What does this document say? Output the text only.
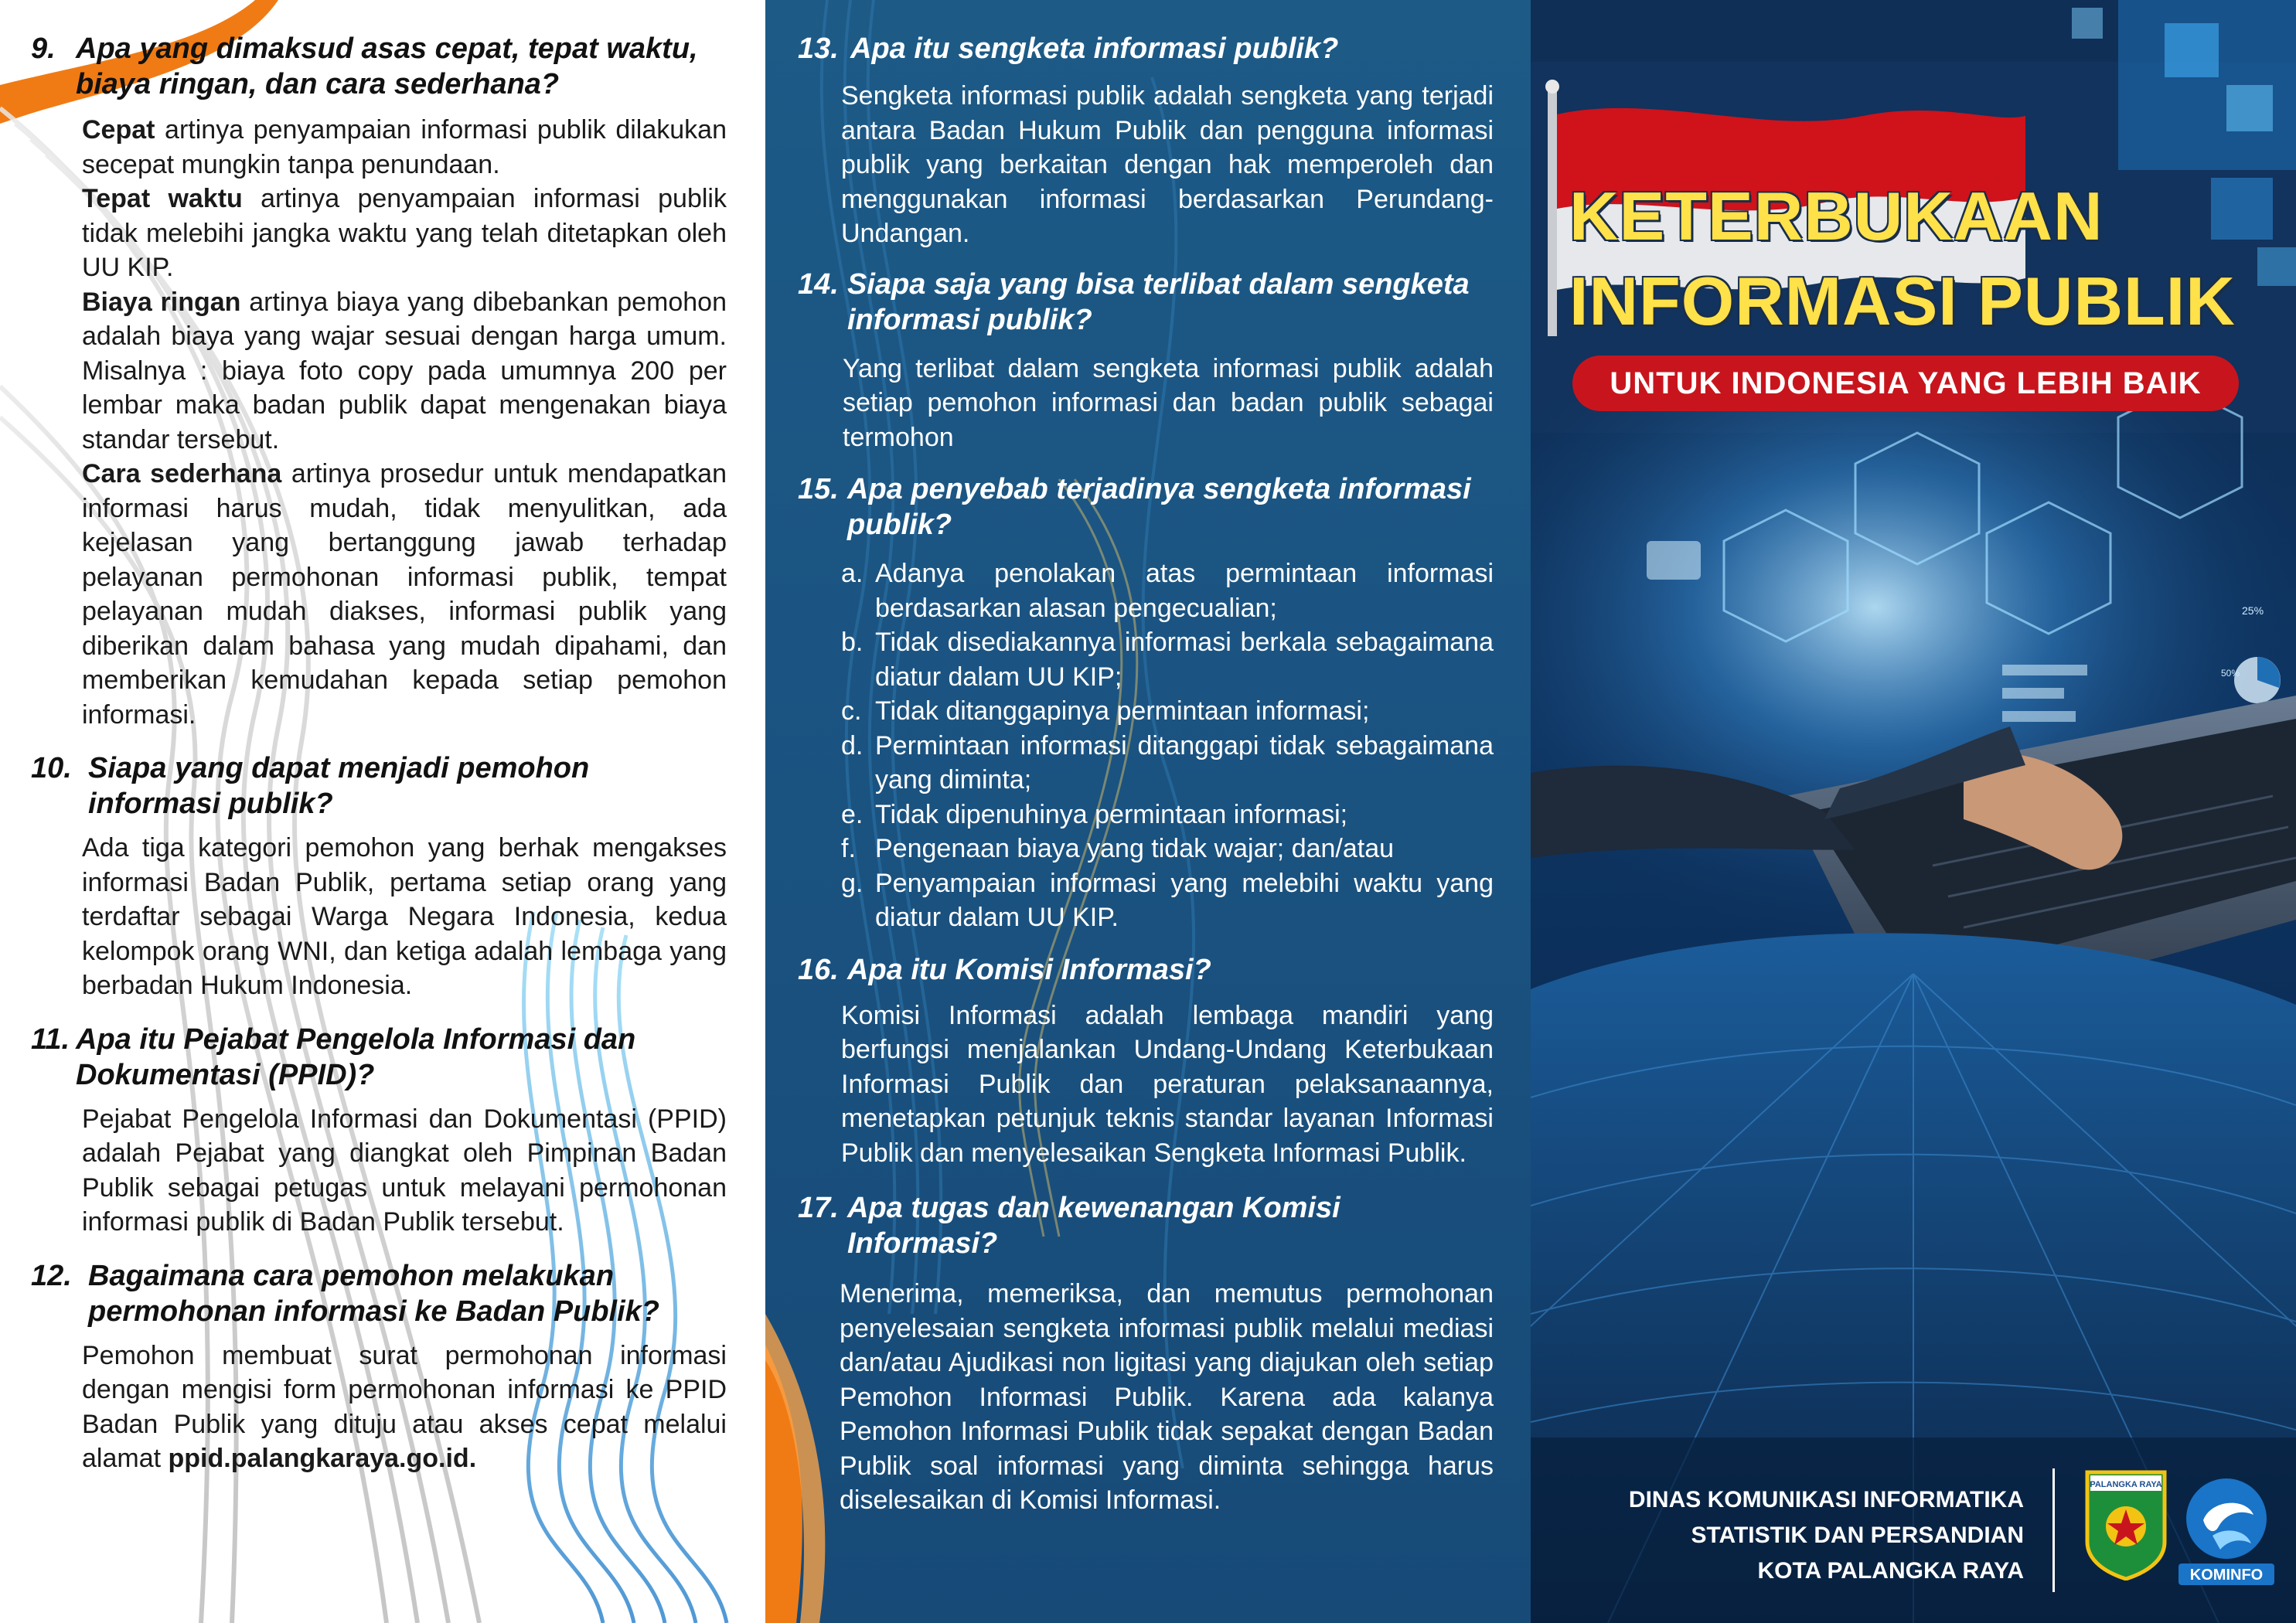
9. Apa yang dimaksud asas cepat, tepat waktu, biaya ringan, dan cara sederhana?
Cepat artinya penyampaian informasi publik dilakukan secepat mungkin tanpa penundaan.
Tepat waktu artinya penyampaian informasi publik tidak melebihi jangka waktu yang telah ditetapkan oleh UU KIP.
Biaya ringan artinya biaya yang dibebankan pemohon adalah biaya yang wajar sesuai dengan harga umum. Misalnya : biaya foto copy pada umumnya 200 per lembar maka badan publik dapat mengenakan biaya standar tersebut.
Cara sederhana artinya prosedur untuk mendapatkan informasi harus mudah, tidak menyulitkan, ada kejelasan yang bertanggung jawab terhadap pelayanan permohonan informasi publik, tempat pelayanan mudah diakses, informasi publik yang diberikan dalam bahasa yang mudah dipahami, dan memberikan kemudahan kepada setiap pemohon informasi.
10. Siapa yang dapat menjadi pemohon informasi publik?
Ada tiga kategori pemohon yang berhak mengakses informasi Badan Publik, pertama setiap orang yang terdaftar sebagai Warga Negara Indonesia, kedua kelompok orang WNI, dan ketiga adalah lembaga yang berbadan Hukum Indonesia.
11. Apa itu Pejabat Pengelola Informasi dan Dokumentasi (PPID)?
Pejabat Pengelola Informasi dan Dokumentasi (PPID) adalah Pejabat yang diangkat oleh Pimpinan Badan Publik sebagai petugas untuk melayani permohonan informasi publik di Badan Publik tersebut.
12. Bagaimana cara pemohon melakukan permohonan informasi ke Badan Publik?
Pemohon membuat surat permohonan informasi dengan mengisi form permohonan informasi ke PPID Badan Publik yang dituju atau akses cepat melalui alamat ppid.palangkaraya.go.id.
13. Apa itu sengketa informasi publik?
Sengketa informasi publik adalah sengketa yang terjadi antara Badan Hukum Publik dan pengguna informasi publik yang berkaitan dengan hak memperoleh dan menggunakan informasi berdasarkan Perundang-Undangan.
14. Siapa saja yang bisa terlibat dalam sengketa informasi publik?
Yang terlibat dalam sengketa informasi publik adalah setiap pemohon informasi dan badan publik sebagai termohon
15. Apa penyebab terjadinya sengketa informasi publik?
a. Adanya penolakan atas permintaan informasi berdasarkan alasan pengecualian;
b. Tidak disediakannya informasi berkala sebagaimana diatur dalam UU KIP;
c. Tidak ditanggapinya permintaan informasi;
d. Permintaan informasi ditanggapi tidak sebagaimana yang diminta;
e. Tidak dipenuhinya permintaan informasi;
f. Pengenaan biaya yang tidak wajar; dan/atau
g. Penyampaian informasi yang melebihi waktu yang diatur dalam UU KIP.
16. Apa itu Komisi Informasi?
Komisi Informasi adalah lembaga mandiri yang berfungsi menjalankan Undang-Undang Keterbukaan Informasi Publik dan peraturan pelaksanaannya, menetapkan petunjuk teknis standar layanan Informasi Publik dan menyelesaikan Sengketa Informasi Publik.
17. Apa tugas dan kewenangan Komisi Informasi?
Menerima, memeriksa, dan memutus permohonan penyelesaian sengketa informasi publik melalui mediasi dan/atau Ajudikasi non ligitasi yang diajukan oleh setiap Pemohon Informasi Publik. Karena ada kalanya Pemohon Informasi Publik tidak sepakat dengan Badan Publik soal informasi yang diminta sehingga harus diselesaikan di Komisi Informasi.
25%
50%
KETERBUKAAN
INFORMASI PUBLIK
UNTUK INDONESIA YANG LEBIH BAIK
DINAS KOMUNIKASI INFORMATIKA
STATISTIK DAN PERSANDIAN
KOTA PALANGKA RAYA
PALANGKA RAYA
KOMINFO
